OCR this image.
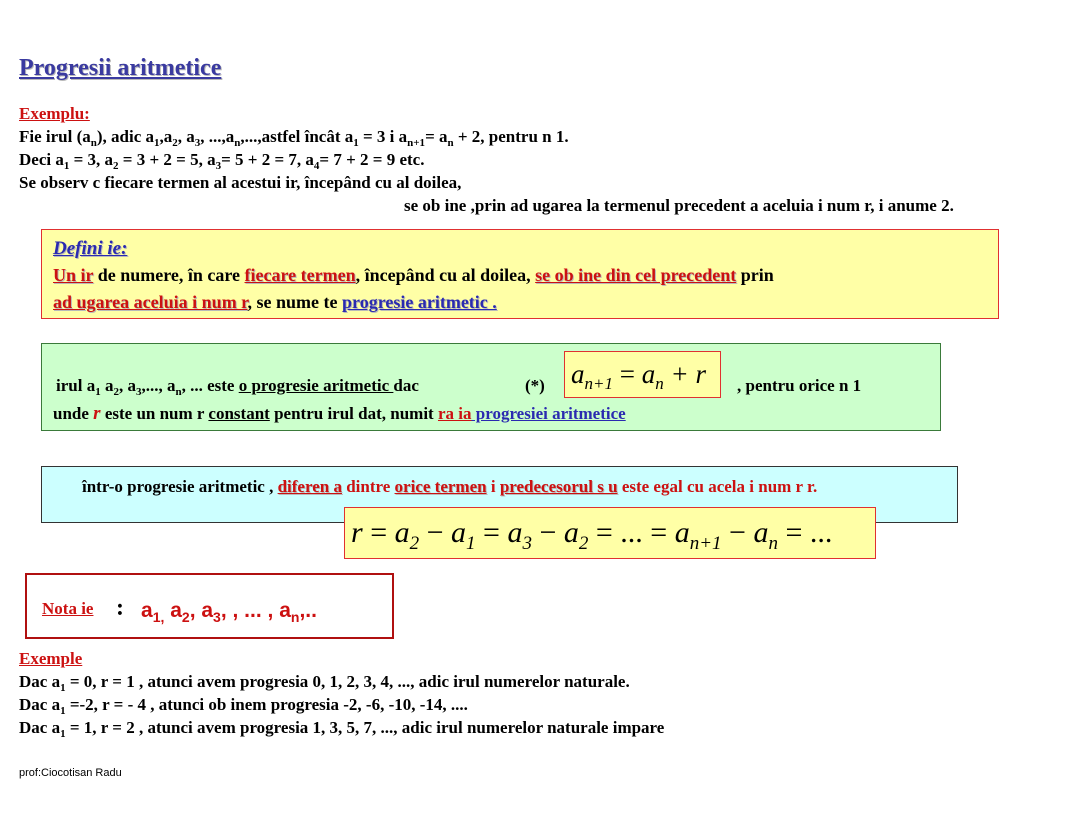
Progresii aritmetice
Exemplu:
Fie irul $(a_n)$, adic $a_1,a_2$, $a_3$, $...,a_n,...,astfel$ încât $a_1 = 3$ i $a_{n+1}= a_n + 2$, pentru n 1.
Deci $a_1 = 3$, $a_2 = 3 + 2 = 5$, $a_3= 5 + 2 = 7$, $a_4= 7 + 2 = 9$ etc.
Se observ c fiecare termen al acestui ir, începând cu al doilea,
se ob ine ,prin ad ugarea la termenul precedent a aceluia i num r, i anume 2.
Defini ie:
Un ir de numere, în care fiecare termen, începând cu al doilea, se ob ine din cel precedent prin
ad ugarea aceluia i num r, se nume te progresie aritmetic .
irul $a_1$ $a_2$, $a_3$,..., $a_n$, ... este o progresie aritmetic dac	(*)	, pentru orice n 1
unde r este un num r constant pentru irul dat, numit ra ia progresiei aritmetice
$a_{n+1} = a_n + r$
într-o progresie aritmetic , diferen a dintre orice termen i predecesorul s u este egal cu acela i num r r.
$r = a_2 - a_1 = a_3 - a_2$ = ... = $a_{n+1} - a_n$ = ...
Nota ie : $a_{1,}$ $a_2$, $a_3$, , ... , $a_n$,..
Exemple
Dac $a_1 = 0$, r = 1 , atunci avem progresia 0, 1, 2, 3, 4, ..., adic irul numerelor naturale.
Dac $a_1 =-2$, r = - 4 , atunci ob inem progresia -2, -6, -10, -14, ....
Dac $a_1 = 1$, r = 2 , atunci avem progresia 1, 3, 5, 7, ..., adic irul numerelor naturale impare
prof:Ciocotisan Radu
